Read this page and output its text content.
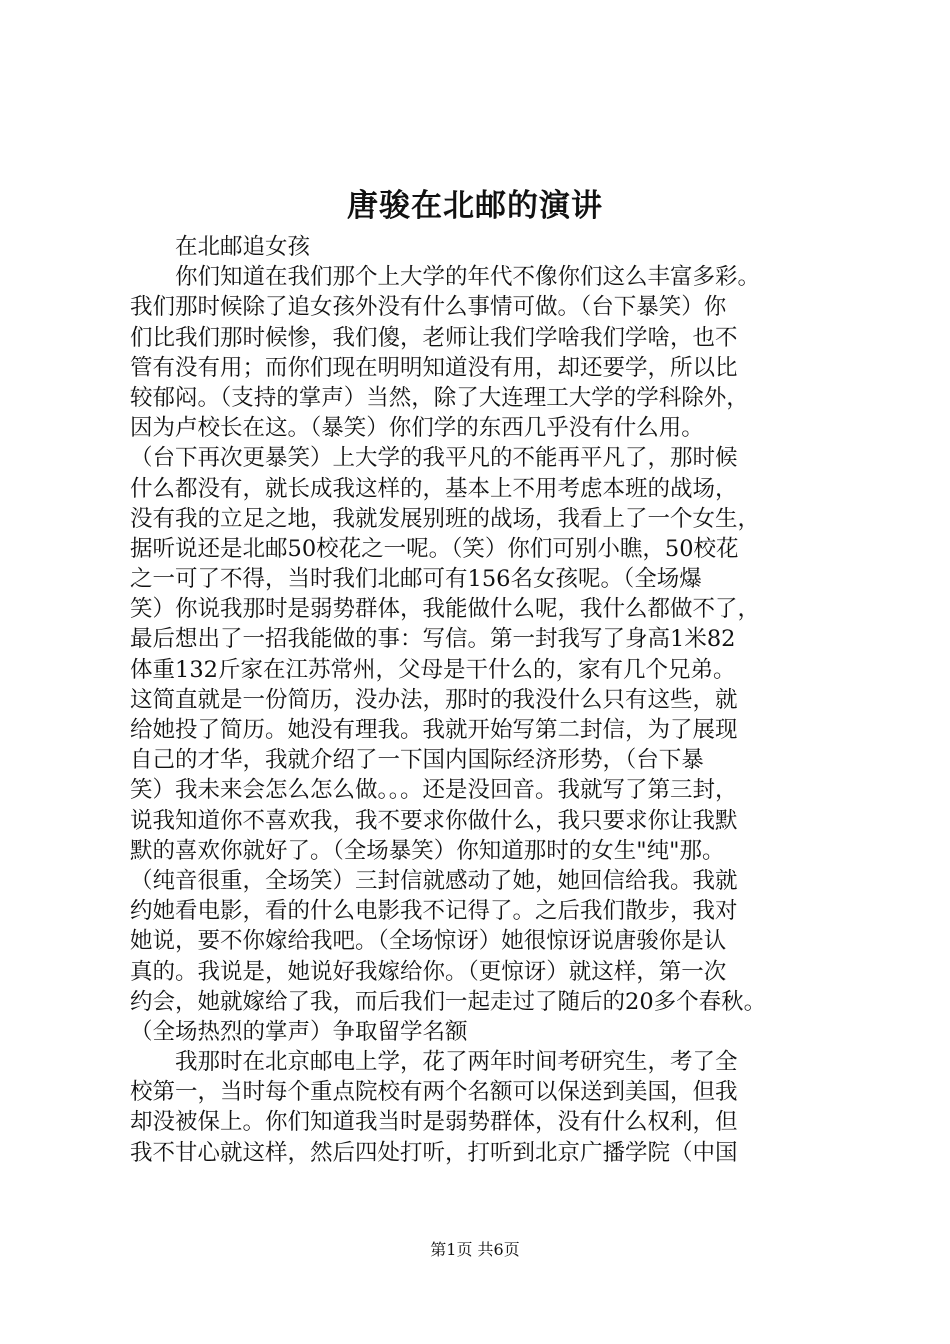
唐骏在北邮的演讲
　　在北邮追女孩
　　你们知道在我们那个上大学的年代不像你们这么丰富多彩。
我们那时候除了追女孩外没有什么事情可做。（台下暴笑）你
们比我们那时候惨，我们傻，老师让我们学啥我们学啥，也不
管有没有用；而你们现在明明知道没有用，却还要学，所以比
较郁闷。（支持的掌声）当然，除了大连理工大学的学科除外，
因为卢校长在这。（暴笑）你们学的东西几乎没有什么用。
（台下再次更暴笑）上大学的我平凡的不能再平凡了，那时候
什么都没有，就长成我这样的，基本上不用考虑本班的战场，
没有我的立足之地，我就发展别班的战场，我看上了一个女生，
据听说还是北邮50校花之一呢。（笑）你们可别小瞧，50校花
之一可了不得，当时我们北邮可有156名女孩呢。（全场爆
笑）你说我那时是弱势群体，我能做什么呢，我什么都做不了，
最后想出了一招我能做的事：写信。第一封我写了身高1米82
体重132斤家在江苏常州，父母是干什么的，家有几个兄弟。
这简直就是一份简历，没办法，那时的我没什么只有这些，就
给她投了简历。她没有理我。我就开始写第二封信，为了展现
自己的才华，我就介绍了一下国内国际经济形势，（台下暴
笑）我未来会怎么怎么做。。。还是没回音。我就写了第三封，
说我知道你不喜欢我，我不要求你做什么，我只要求你让我默
默的喜欢你就好了。（全场暴笑）你知道那时的女生"纯"那。
（纯音很重，全场笑）三封信就感动了她，她回信给我。我就
约她看电影，看的什么电影我不记得了。之后我们散步，我对
她说，要不你嫁给我吧。（全场惊讶）她很惊讶说唐骏你是认
真的。我说是，她说好我嫁给你。（更惊讶）就这样，第一次
约会，她就嫁给了我，而后我们一起走过了随后的20多个春秋。
（全场热烈的掌声）争取留学名额
　　我那时在北京邮电上学，花了两年时间考研究生，考了全
校第一，当时每个重点院校有两个名额可以保送到美国，但我
却没被保上。你们知道我当时是弱势群体，没有什么权利，但
我不甘心就这样，然后四处打听，打听到北京广播学院（中国
第1页 共6页
